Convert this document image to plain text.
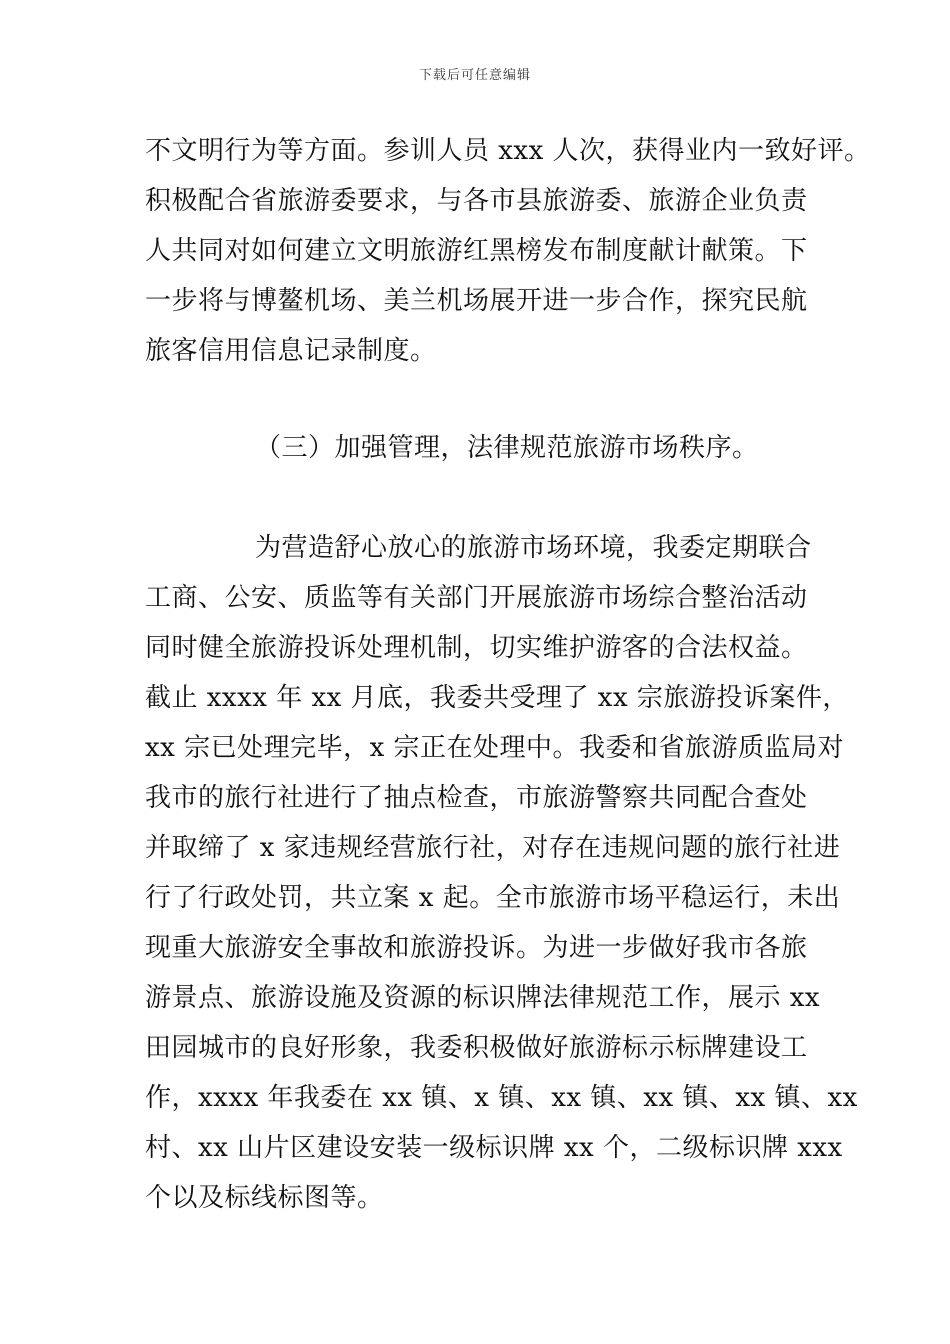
下载后可任意编辑
不文明行为等方面。参训人员 xxx 人次，获得业内一致好评。
积极配合省旅游委要求，与各市县旅游委、旅游企业负责
人共同对如何建立文明旅游红黑榜发布制度献计献策。下
一步将与博鳌机场、美兰机场展开进一步合作，探究民航
旅客信用信息记录制度。
（三）加强管理，法律规范旅游市场秩序。
为营造舒心放心的旅游市场环境，我委定期联合
工商、公安、质监等有关部门开展旅游市场综合整治活动
同时健全旅游投诉处理机制，切实维护游客的合法权益。
截止 xxxx 年 xx 月底，我委共受理了 xx 宗旅游投诉案件，
xx 宗已处理完毕，x 宗正在处理中。我委和省旅游质监局对
我市的旅行社进行了抽点检查，市旅游警察共同配合查处
并取缔了 x 家违规经营旅行社，对存在违规问题的旅行社进
行了行政处罚，共立案 x 起。全市旅游市场平稳运行，未出
现重大旅游安全事故和旅游投诉。为进一步做好我市各旅
游景点、旅游设施及资源的标识牌法律规范工作，展示 xx
田园城市的良好形象，我委积极做好旅游标示标牌建设工
作，xxxx 年我委在 xx 镇、x 镇、xx 镇、xx 镇、xx 镇、xx
村、xx 山片区建设安装一级标识牌 xx 个，二级标识牌 xxx
个以及标线标图等。
